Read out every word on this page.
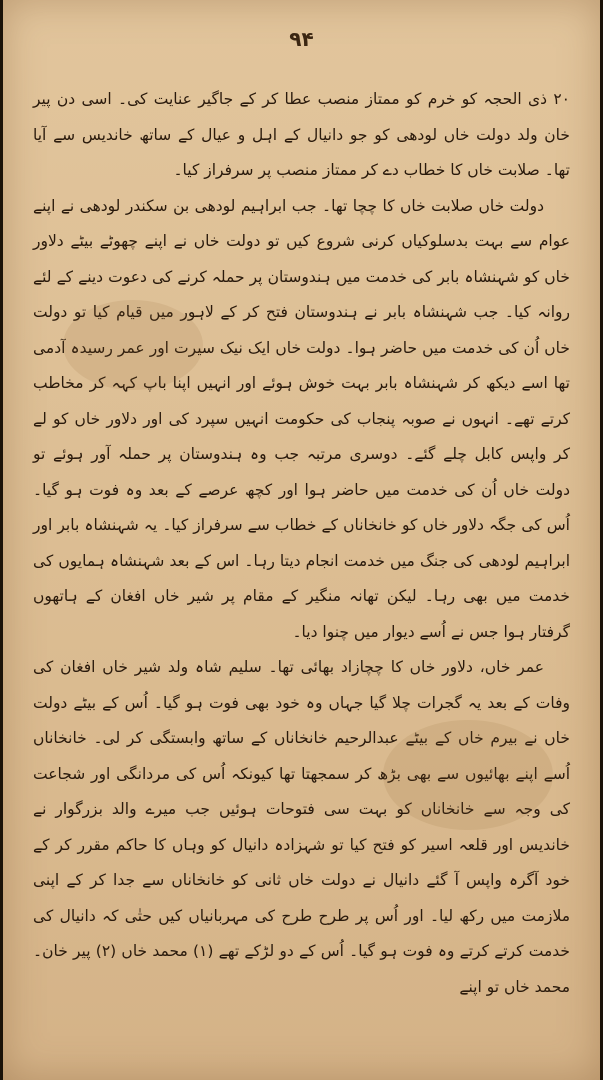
۹۴

۲۰ ذی الحجہ کو خرم کو ممتاز منصب عطا کر کے جاگیر عنایت کی۔ اسی دن پیر خان ولد دولت خاں لودھی کو جو دانیال کے اہل و عیال کے ساتھ خاندیس سے آیا تھا۔ صلابت خاں کا خطاب دے کر ممتاز منصب پر سرفراز کیا۔

دولت خاں صلابت خاں کا چچا تھا۔ جب ابراہیم لودھی بن سکندر لودھی نے اپنے عوام سے بہت بدسلوکیاں کرنی شروع کیں تو دولت خاں نے اپنے چھوٹے بیٹے دلاور خاں کو شہنشاہ بابر کی خدمت میں ہندوستان پر حملہ کرنے کی دعوت دینے کے لئے روانہ کیا۔ جب شہنشاہ بابر نے ہندوستان فتح کر کے لاہور میں قیام کیا تو دولت خاں اُن کی خدمت میں حاضر ہوا۔ دولت خاں ایک نیک سیرت اور عمر رسیدہ آدمی تھا اسے دیکھ کر شہنشاہ بابر بہت خوش ہوئے اور انہیں اپنا باپ کہہ کر مخاطب کرتے تھے۔ انہوں نے صوبہ پنجاب کی حکومت انہیں سپرد کی اور دلاور خاں کو لے کر واپس کابل چلے گئے۔ دوسری مرتبہ جب وہ ہندوستان پر حملہ آور ہوئے تو دولت خاں اُن کی خدمت میں حاضر ہوا اور کچھ عرصے کے بعد وہ فوت ہو گیا۔ اُس کی جگہ دلاور خاں کو خانخاناں کے خطاب سے سرفراز کیا۔ یہ شہنشاہ بابر اور ابراہیم لودھی کی جنگ میں خدمت انجام دیتا رہا۔ اس کے بعد شہنشاہ ہمایوں کی خدمت میں بھی رہا۔ لیکن تھانہ منگیر کے مقام پر شیر خاں افغان کے ہاتھوں گرفتار ہوا جس نے اُسے دیوار میں چنوا دیا۔

عمر خاں، دلاور خاں کا چچازاد بھائی تھا۔ سلیم شاہ ولد شیر خاں افغان کی وفات کے بعد یہ گجرات چلا گیا جہاں وہ خود بھی فوت ہو گیا۔ اُس کے بیٹے دولت خاں نے بیرم خاں کے بیٹے عبدالرحیم خانخاناں کے ساتھ وابستگی کر لی۔ خانخاناں اُسے اپنے بھائیوں سے بھی بڑھ کر سمجھتا تھا کیونکہ اُس کی مردانگی اور شجاعت کی وجہ سے خانخاناں کو بہت سی فتوحات ہوئیں جب میرے والد بزرگوار نے خاندیس اور قلعہ اسیر کو فتح کیا تو شہزادہ دانیال کو وہاں کا حاکم مقرر کر کے خود آگرہ واپس آ گئے دانیال نے دولت خاں ثانی کو خانخاناں سے جدا کر کے اپنی ملازمت میں رکھ لیا۔ اور اُس پر طرح طرح کی مہربانیاں کیں حتٰی کہ دانیال کی خدمت کرتے کرتے وہ فوت ہو گیا۔ اُس کے دو لڑکے تھے (۱) محمد خاں (۲) پیر خان۔ محمد خاں تو اپنے
